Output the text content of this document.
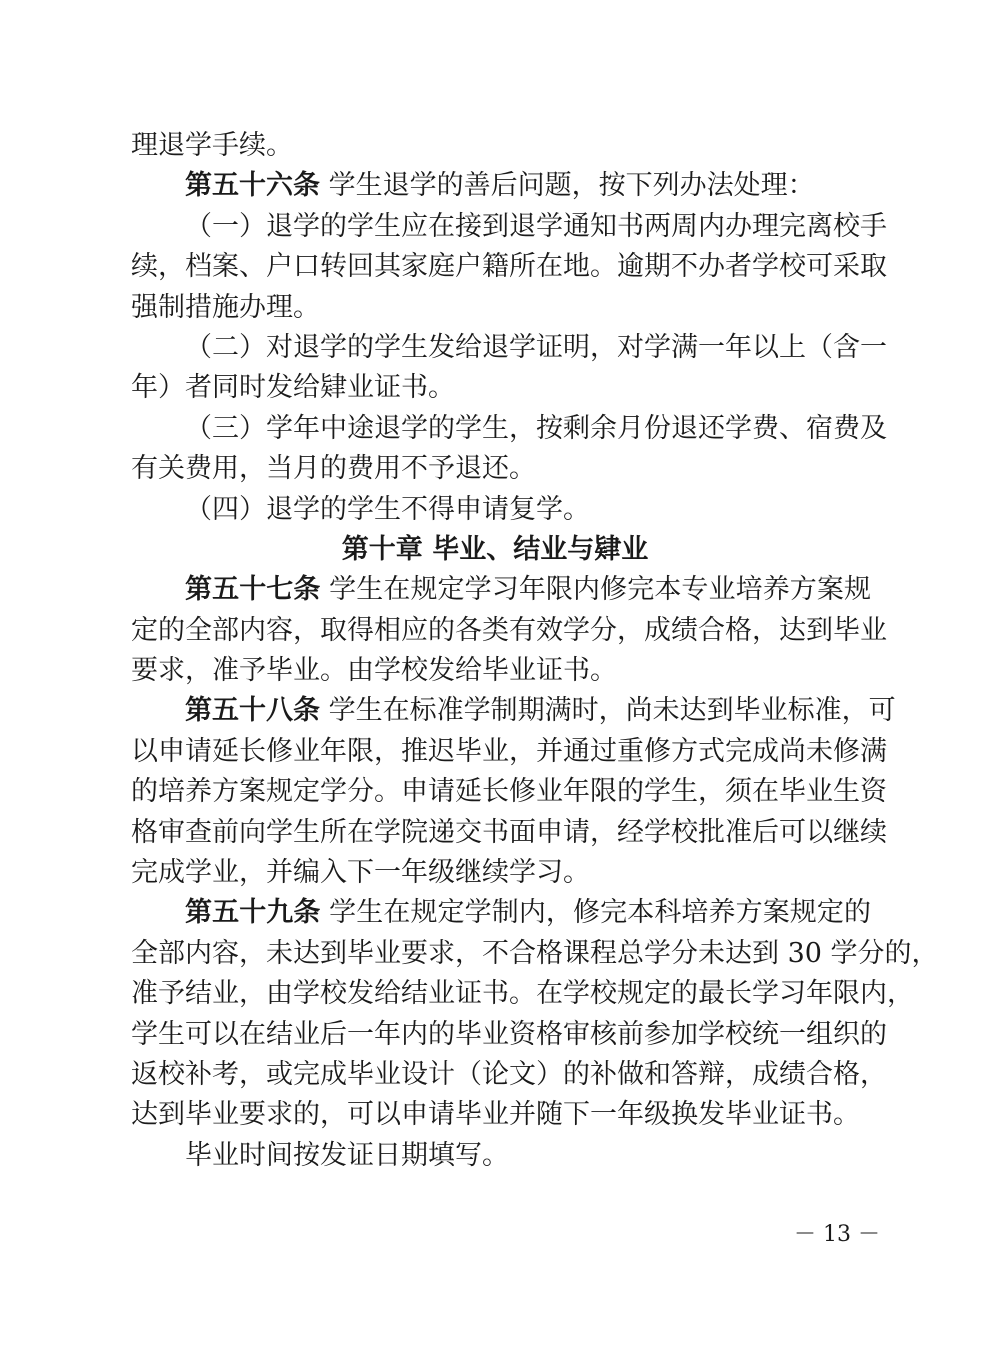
理退学手续。
第五十六条 学生退学的善后问题，按下列办法处理：
（一）退学的学生应在接到退学通知书两周内办理完离校手
续，档案、户口转回其家庭户籍所在地。逾期不办者学校可采取
强制措施办理。
（二）对退学的学生发给退学证明，对学满一年以上（含一
年）者同时发给肄业证书。
（三）学年中途退学的学生，按剩余月份退还学费、宿费及
有关费用，当月的费用不予退还。
（四）退学的学生不得申请复学。
第十章 毕业、结业与肄业
第五十七条 学生在规定学习年限内修完本专业培养方案规
定的全部内容，取得相应的各类有效学分，成绩合格，达到毕业
要求，准予毕业。由学校发给毕业证书。
第五十八条 学生在标准学制期满时，尚未达到毕业标准，可
以申请延长修业年限，推迟毕业，并通过重修方式完成尚未修满
的培养方案规定学分。申请延长修业年限的学生，须在毕业生资
格审查前向学生所在学院递交书面申请，经学校批准后可以继续
完成学业，并编入下一年级继续学习。
第五十九条 学生在规定学制内，修完本科培养方案规定的
全部内容，未达到毕业要求，不合格课程总学分未达到 30 学分的，
准予结业，由学校发给结业证书。在学校规定的最长学习年限内，
学生可以在结业后一年内的毕业资格审核前参加学校统一组织的
返校补考，或完成毕业设计（论文）的补做和答辩，成绩合格，
达到毕业要求的，可以申请毕业并随下一年级换发毕业证书。
毕业时间按发证日期填写。
－ 13 －
